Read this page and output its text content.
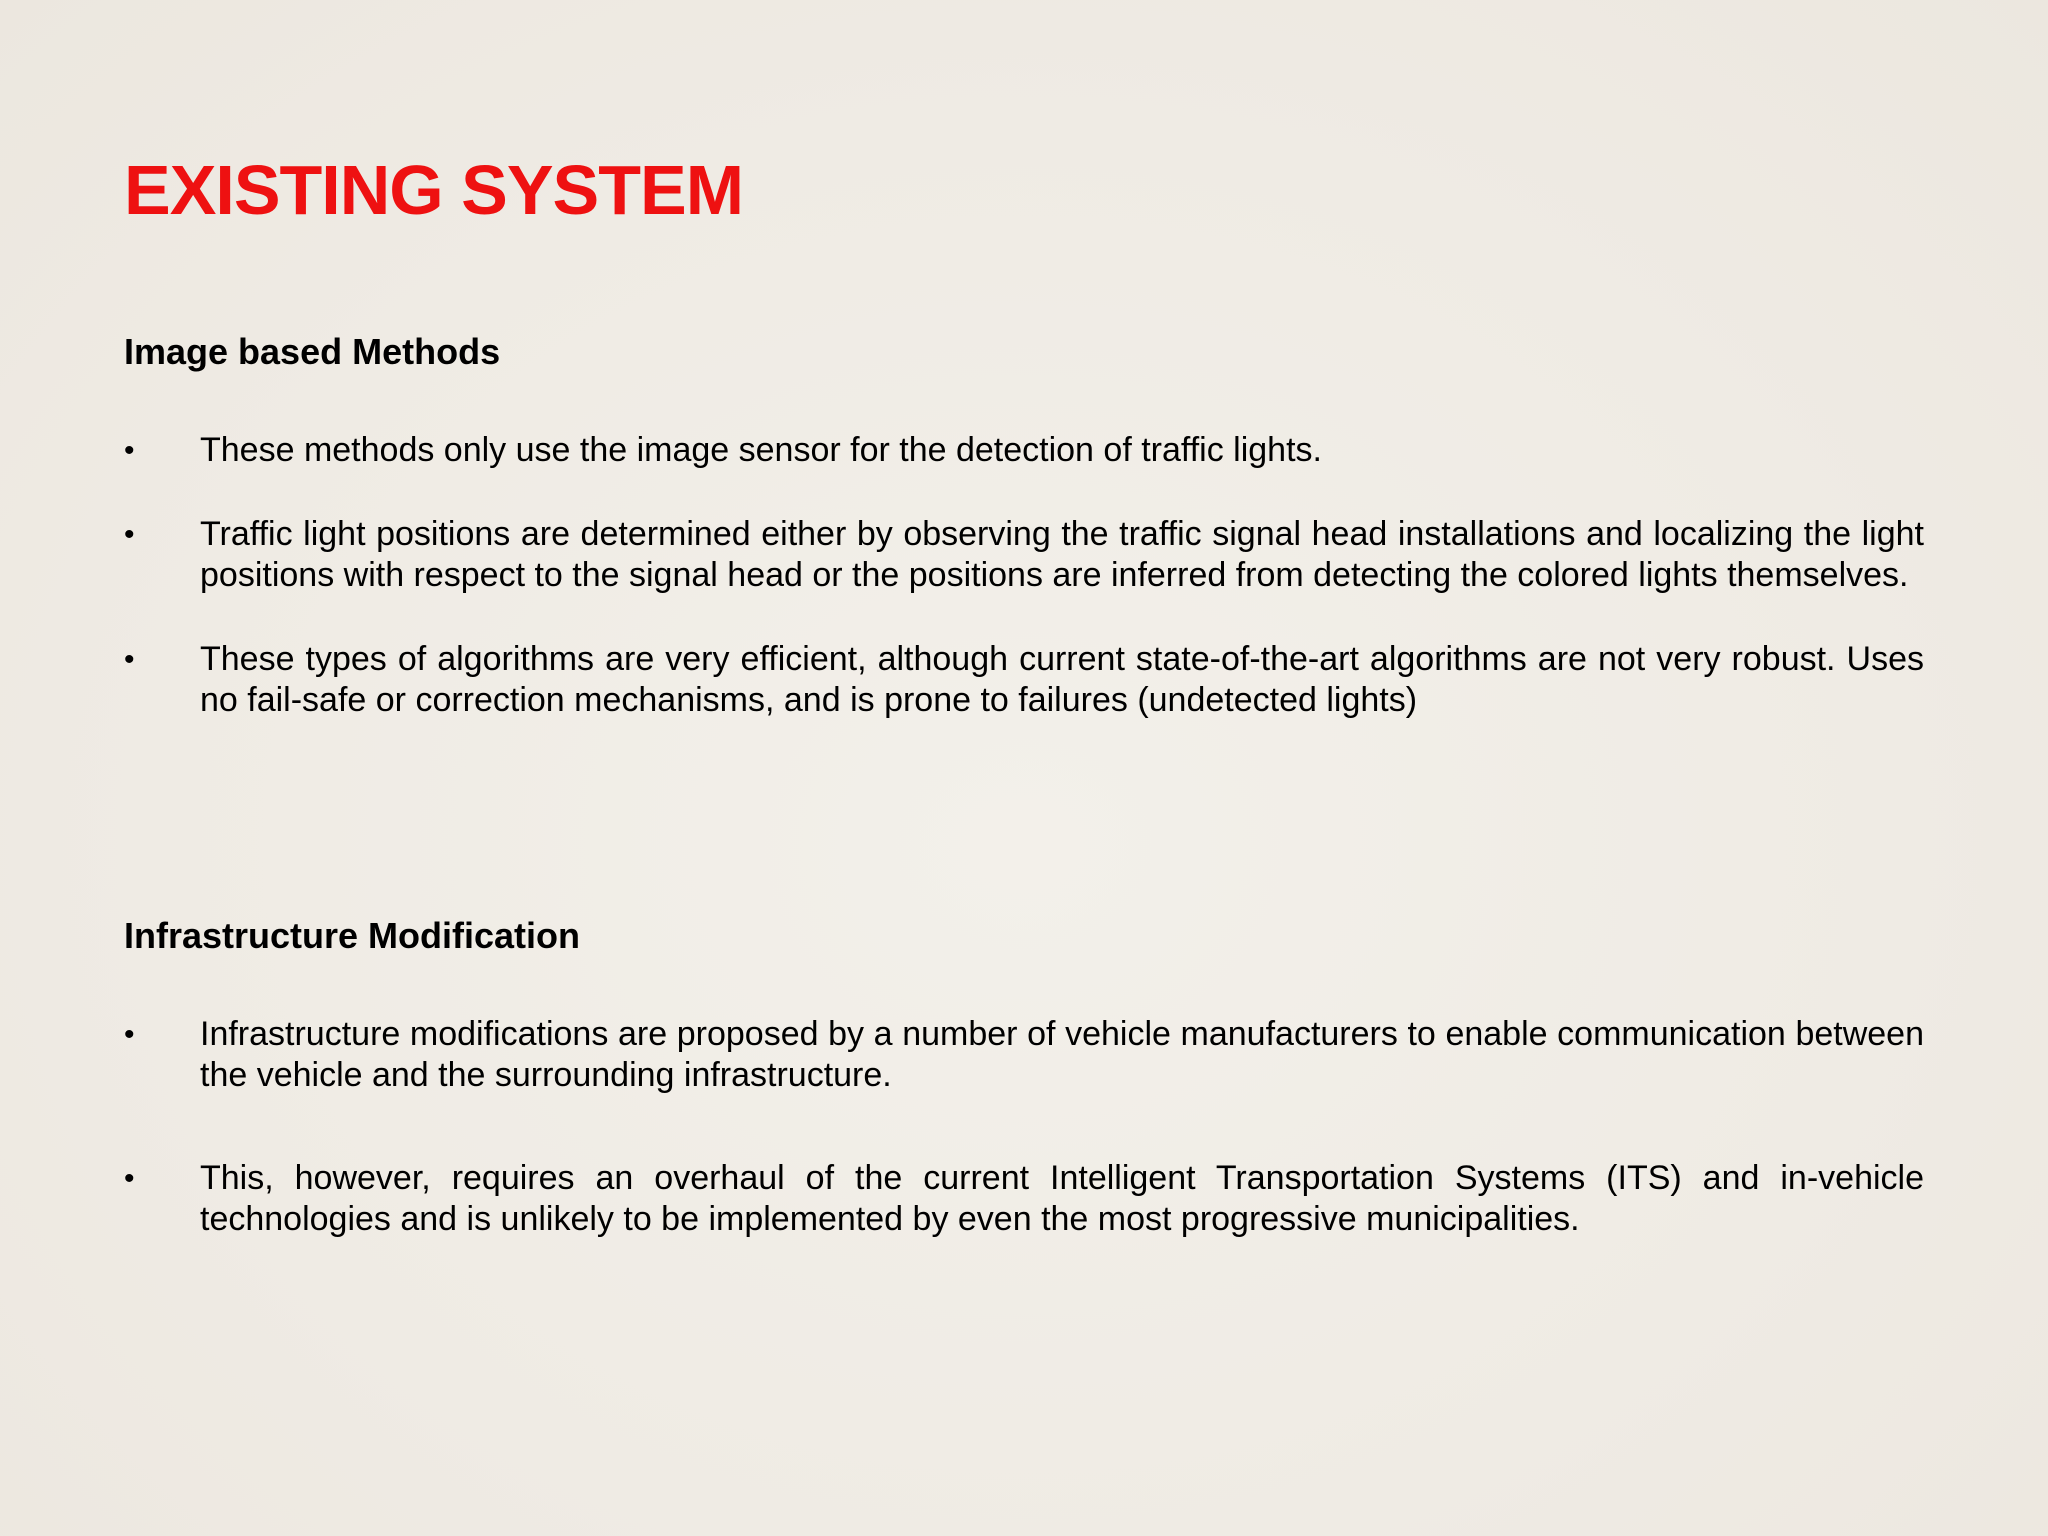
EXISTING SYSTEM
Image based Methods
• These methods only use the image sensor for the detection of traffic lights.
• Traffic light positions are determined either by observing the traffic signal head installations and localizing the light positions with respect to the signal head or the positions are inferred from detecting the colored lights themselves.
• These types of algorithms are very efficient, although current state-of-the-art algorithms are not very robust. Uses no fail-safe or correction mechanisms, and is prone to failures (undetected lights)
Infrastructure Modification
• Infrastructure modifications are proposed by a number of vehicle manufacturers to enable communication between the vehicle and the surrounding infrastructure.
• This, however, requires an overhaul of the current Intelligent Transportation Systems (ITS) and in-vehicle technologies and is unlikely to be implemented by even the most progressive municipalities.
